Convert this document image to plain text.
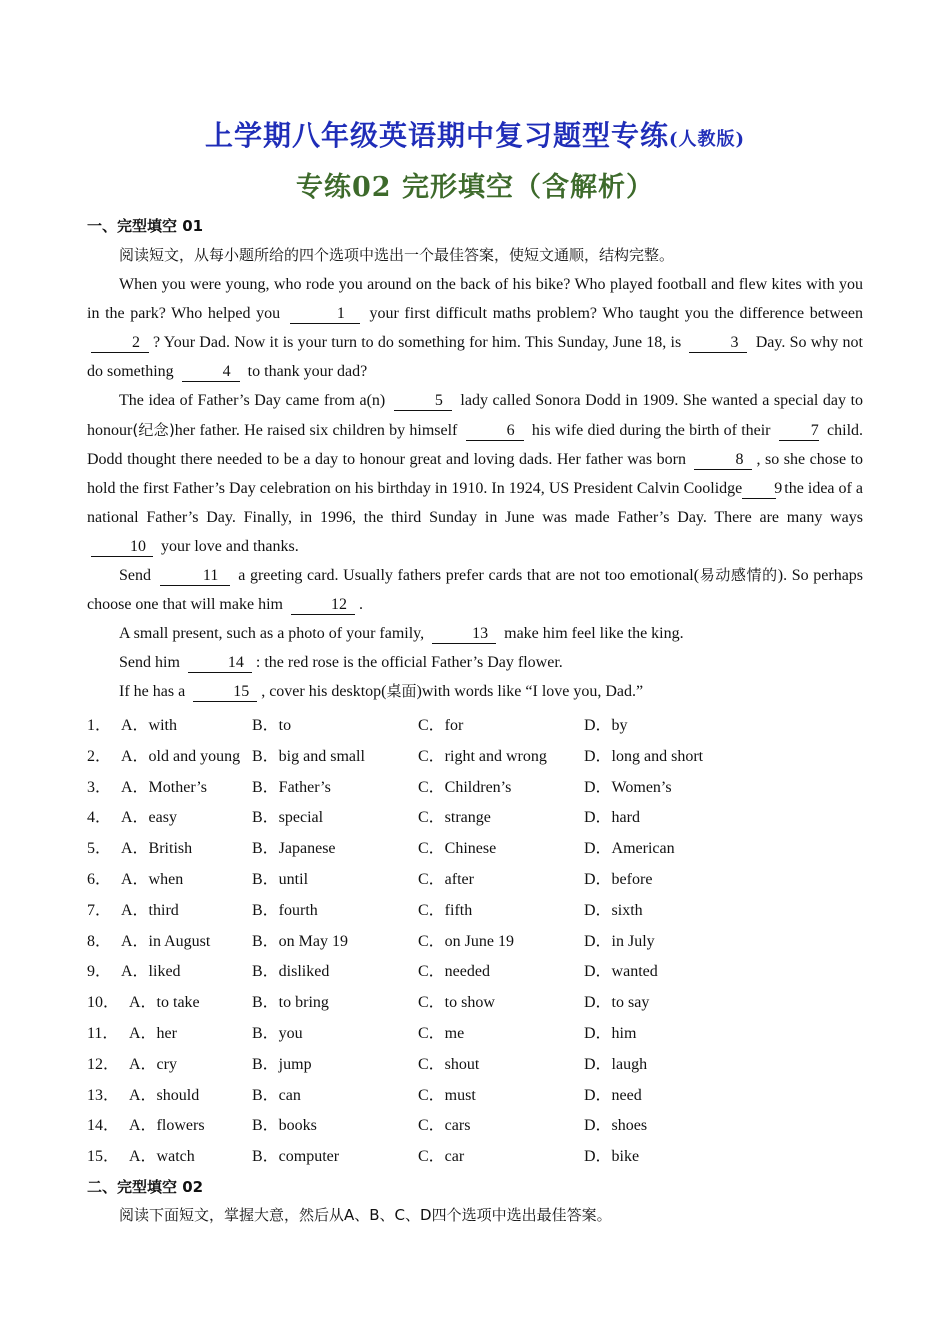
上学期八年级英语期中复习题型专练(人教版)
专练02 完形填空（含解析）
一、完型填空 01

阅读短文，从每小题所给的四个选项中选出一个最佳答案，使短文通顺，结构完整。

When you were young, who rode you around on the back of his bike? Who played football and flew kites with you in the park? Who helped you	1 your first difficult maths problem? Who taught you the difference between 2 ? Your Dad. Now it is your turn to do something for him. This Sunday, June 18, is	3 Day. So why not do something	4 to thank your dad?

The idea of Father’s Day came from a(n)	5 lady called Sonora Dodd in 1909. She wanted a special day to honour(纪念)her father. He raised six children by himself	6 his wife died during the birth of their	7 child. Dodd thought there needed to be a day to honour great and loving dads. Her father was born	8 , so she chose to hold the first Father’s Day celebration on his birthday in 1910. In 1924, US President Calvin Coolidge 9 the idea of a national Father’s Day. Finally, in 1996, the third Sunday in June was made Father’s Day. There are many ways 10 your love and thanks.

Send	11 a greeting card. Usually fathers prefer cards that are not too emotional(易动感情的). So perhaps choose one that will make him	12 .

A small present, such as a photo of your family,	13 make him feel like the king.

Send him	14 : the red rose is the official Father’s Day flower.

If he has a	15 , cover his desktop(桌面)with words like “I love you, Dad.”

1． A．with	B．to	C．for	D．by
2． A．old and young B．big and small	C．right and wrong D．long and short
3． A．Mother’s	B．Father’s	C．Children’s	D．Women’s
4． A．easy	B．special	C．strange	D．hard
5． A．British	B．Japanese	C．Chinese	D．American
6． A．when	B．until	C．after	D．before
7． A．third	B．fourth	C．fifth	D．sixth
8． A．in August	B．on May 19	C．on June 19	D．in July
9． A．liked	B．disliked	C．needed	D．wanted
10． A．to take	B．to bring	C．to show	D．to say
11． A．her	B．you	C．me	D．him
12． A．cry	B．jump	C．shout	D．laugh
13． A．should	B．can	C．must	D．need
14． A．flowers	B．books	C．cars	D．shoes
15． A．watch	B．computer	C．car	D．bike
二、完型填空 02
阅读下面短文，掌握大意，然后从A、B、C、D四个选项中选出最佳答案。
